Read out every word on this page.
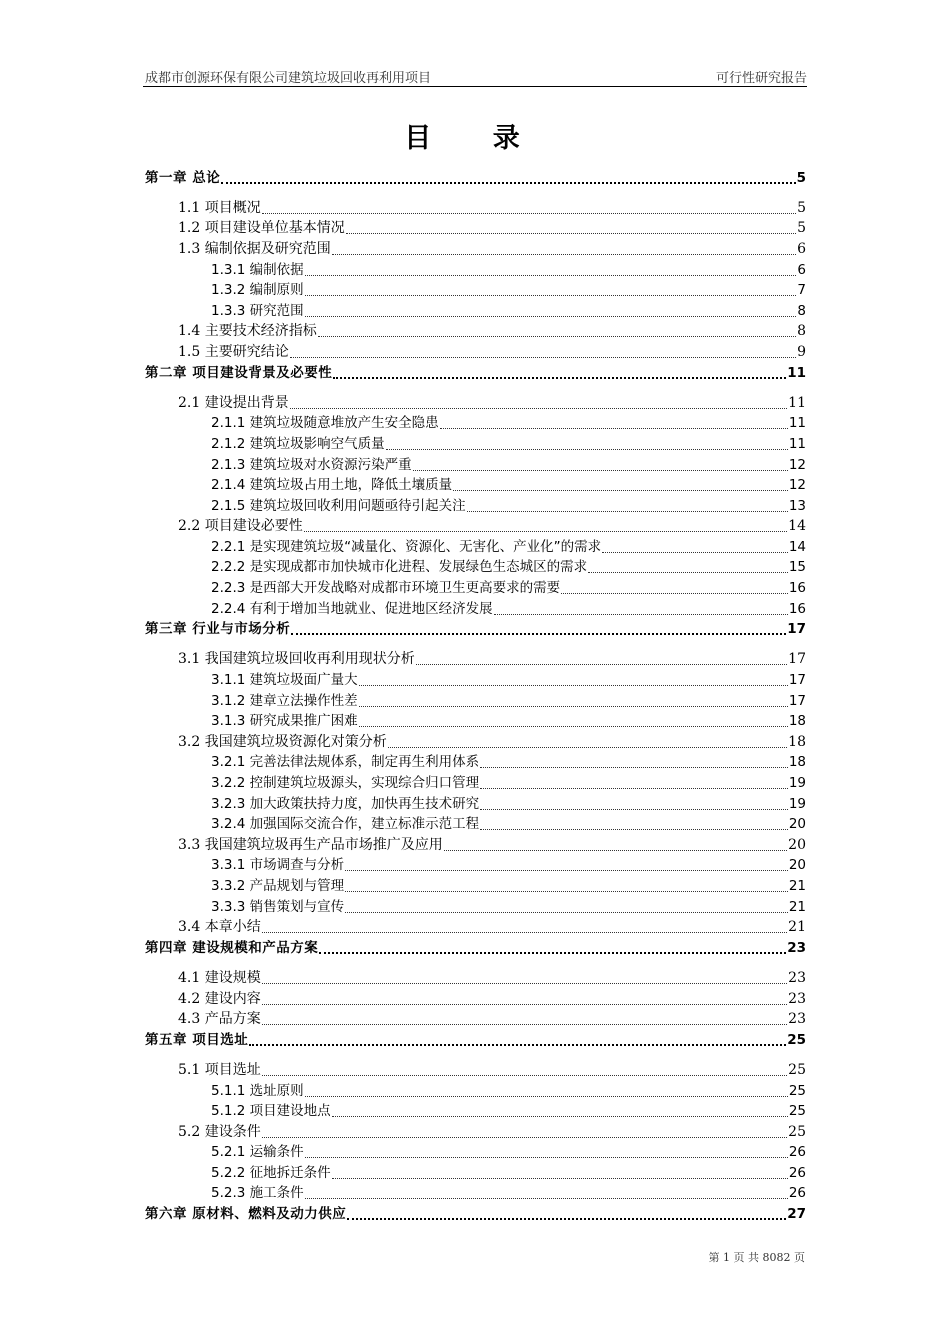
成都市创源环保有限公司建筑垃圾回收再利用项目	可行性研究报告
目 录
第一章 总论	5
1.1 项目概况	5
1.2 项目建设单位基本情况	5
1.3 编制依据及研究范围	6
1.3.1 编制依据	6
1.3.2 编制原则	7
1.3.3 研究范围	8
1.4 主要技术经济指标	8
1.5 主要研究结论	9
第二章 项目建设背景及必要性	11
2.1 建设提出背景	11
2.1.1 建筑垃圾随意堆放产生安全隐患	11
2.1.2 建筑垃圾影响空气质量	11
2.1.3 建筑垃圾对水资源污染严重	12
2.1.4 建筑垃圾占用土地，降低土壤质量	12
2.1.5 建筑垃圾回收利用问题亟待引起关注	13
2.2 项目建设必要性	14
2.2.1 是实现建筑垃圾“减量化、资源化、无害化、产业化”的需求	14
2.2.2 是实现成都市加快城市化进程、发展绿色生态城区的需求	15
2.2.3 是西部大开发战略对成都市环境卫生更高要求的需要	16
2.2.4 有利于增加当地就业、促进地区经济发展	16
第三章 行业与市场分析	17
3.1 我国建筑垃圾回收再利用现状分析	17
3.1.1 建筑垃圾面广量大	17
3.1.2 建章立法操作性差	17
3.1.3 研究成果推广困难	18
3.2 我国建筑垃圾资源化对策分析	18
3.2.1 完善法律法规体系，制定再生利用体系	18
3.2.2 控制建筑垃圾源头，实现综合归口管理	19
3.2.3 加大政策扶持力度，加快再生技术研究	19
3.2.4 加强国际交流合作，建立标准示范工程	20
3.3 我国建筑垃圾再生产品市场推广及应用	20
3.3.1 市场调查与分析	20
3.3.2 产品规划与管理	21
3.3.3 销售策划与宣传	21
3.4 本章小结	21
第四章 建设规模和产品方案	23
4.1 建设规模	23
4.2 建设内容	23
4.3 产品方案	23
第五章 项目选址	25
5.1 项目选址	25
5.1.1 选址原则	25
5.1.2 项目建设地点	25
5.2 建设条件	25
5.2.1 运输条件	26
5.2.2 征地拆迁条件	26
5.2.3 施工条件	26
第六章 原材料、燃料及动力供应	27
第 1 页 共 8082 页
